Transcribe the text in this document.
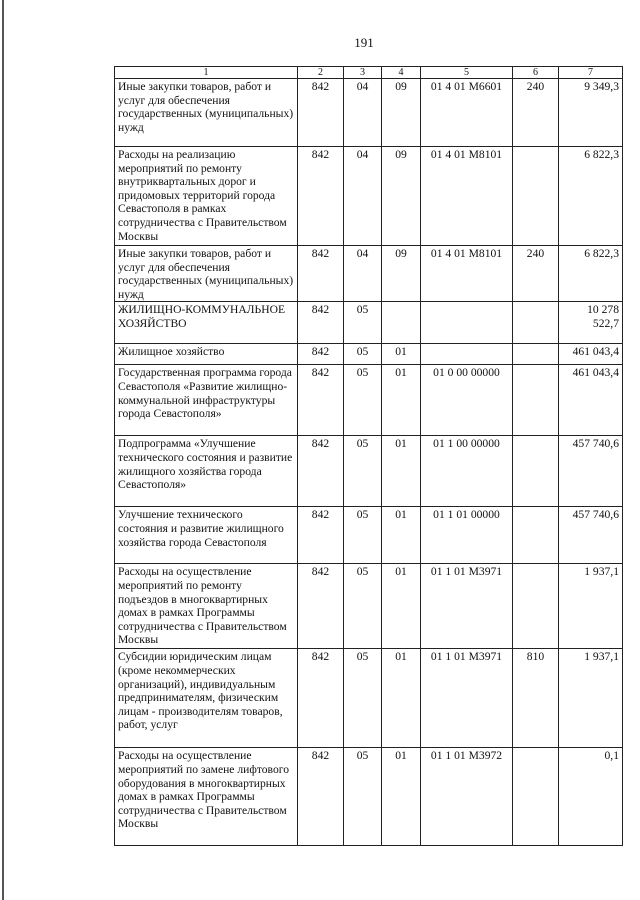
191
1	2	3	4	5	6	7
Иные закупки товаров, работ и услуг для обеспечения государственных (муниципальных) нужд	842	04	09	01 4 01 М6601	240	9 349,3
Расходы на реализацию мероприятий по ремонту внутриквартальных дорог и придомовых территорий города Севастополя в рамках сотрудничества с Правительством Москвы	842	04	09	01 4 01 М8101		6 822,3
Иные закупки товаров, работ и услуг для обеспечения государственных (муниципальных) нужд	842	04	09	01 4 01 М8101	240	6 822,3
ЖИЛИЩНО-КОММУНАЛЬНОЕ ХОЗЯЙСТВО	842	05				10 278 522,7
Жилищное хозяйство	842	05	01			461 043,4
Государственная программа города Севастополя «Развитие жилищно-коммунальной инфраструктуры города Севастополя»	842	05	01	01 0 00 00000		461 043,4
Подпрограмма «Улучшение технического состояния и развитие жилищного хозяйства города Севастополя»	842	05	01	01 1 00 00000		457 740,6
Улучшение технического состояния и развитие жилищного хозяйства города Севастополя	842	05	01	01 1 01 00000		457 740,6
Расходы на осуществление мероприятий по ремонту подъездов в многоквартирных домах в рамках Программы сотрудничества с Правительством Москвы	842	05	01	01 1 01 М3971		1 937,1
Субсидии юридическим лицам (кроме некоммерческих организаций), индивидуальным предпринимателям, физическим лицам - производителям товаров, работ, услуг	842	05	01	01 1 01 М3971	810	1 937,1
Расходы на осуществление мероприятий по замене лифтового оборудования в многоквартирных домах в рамках Программы сотрудничества с Правительством Москвы	842	05	01	01 1 01 М3972		0,1
